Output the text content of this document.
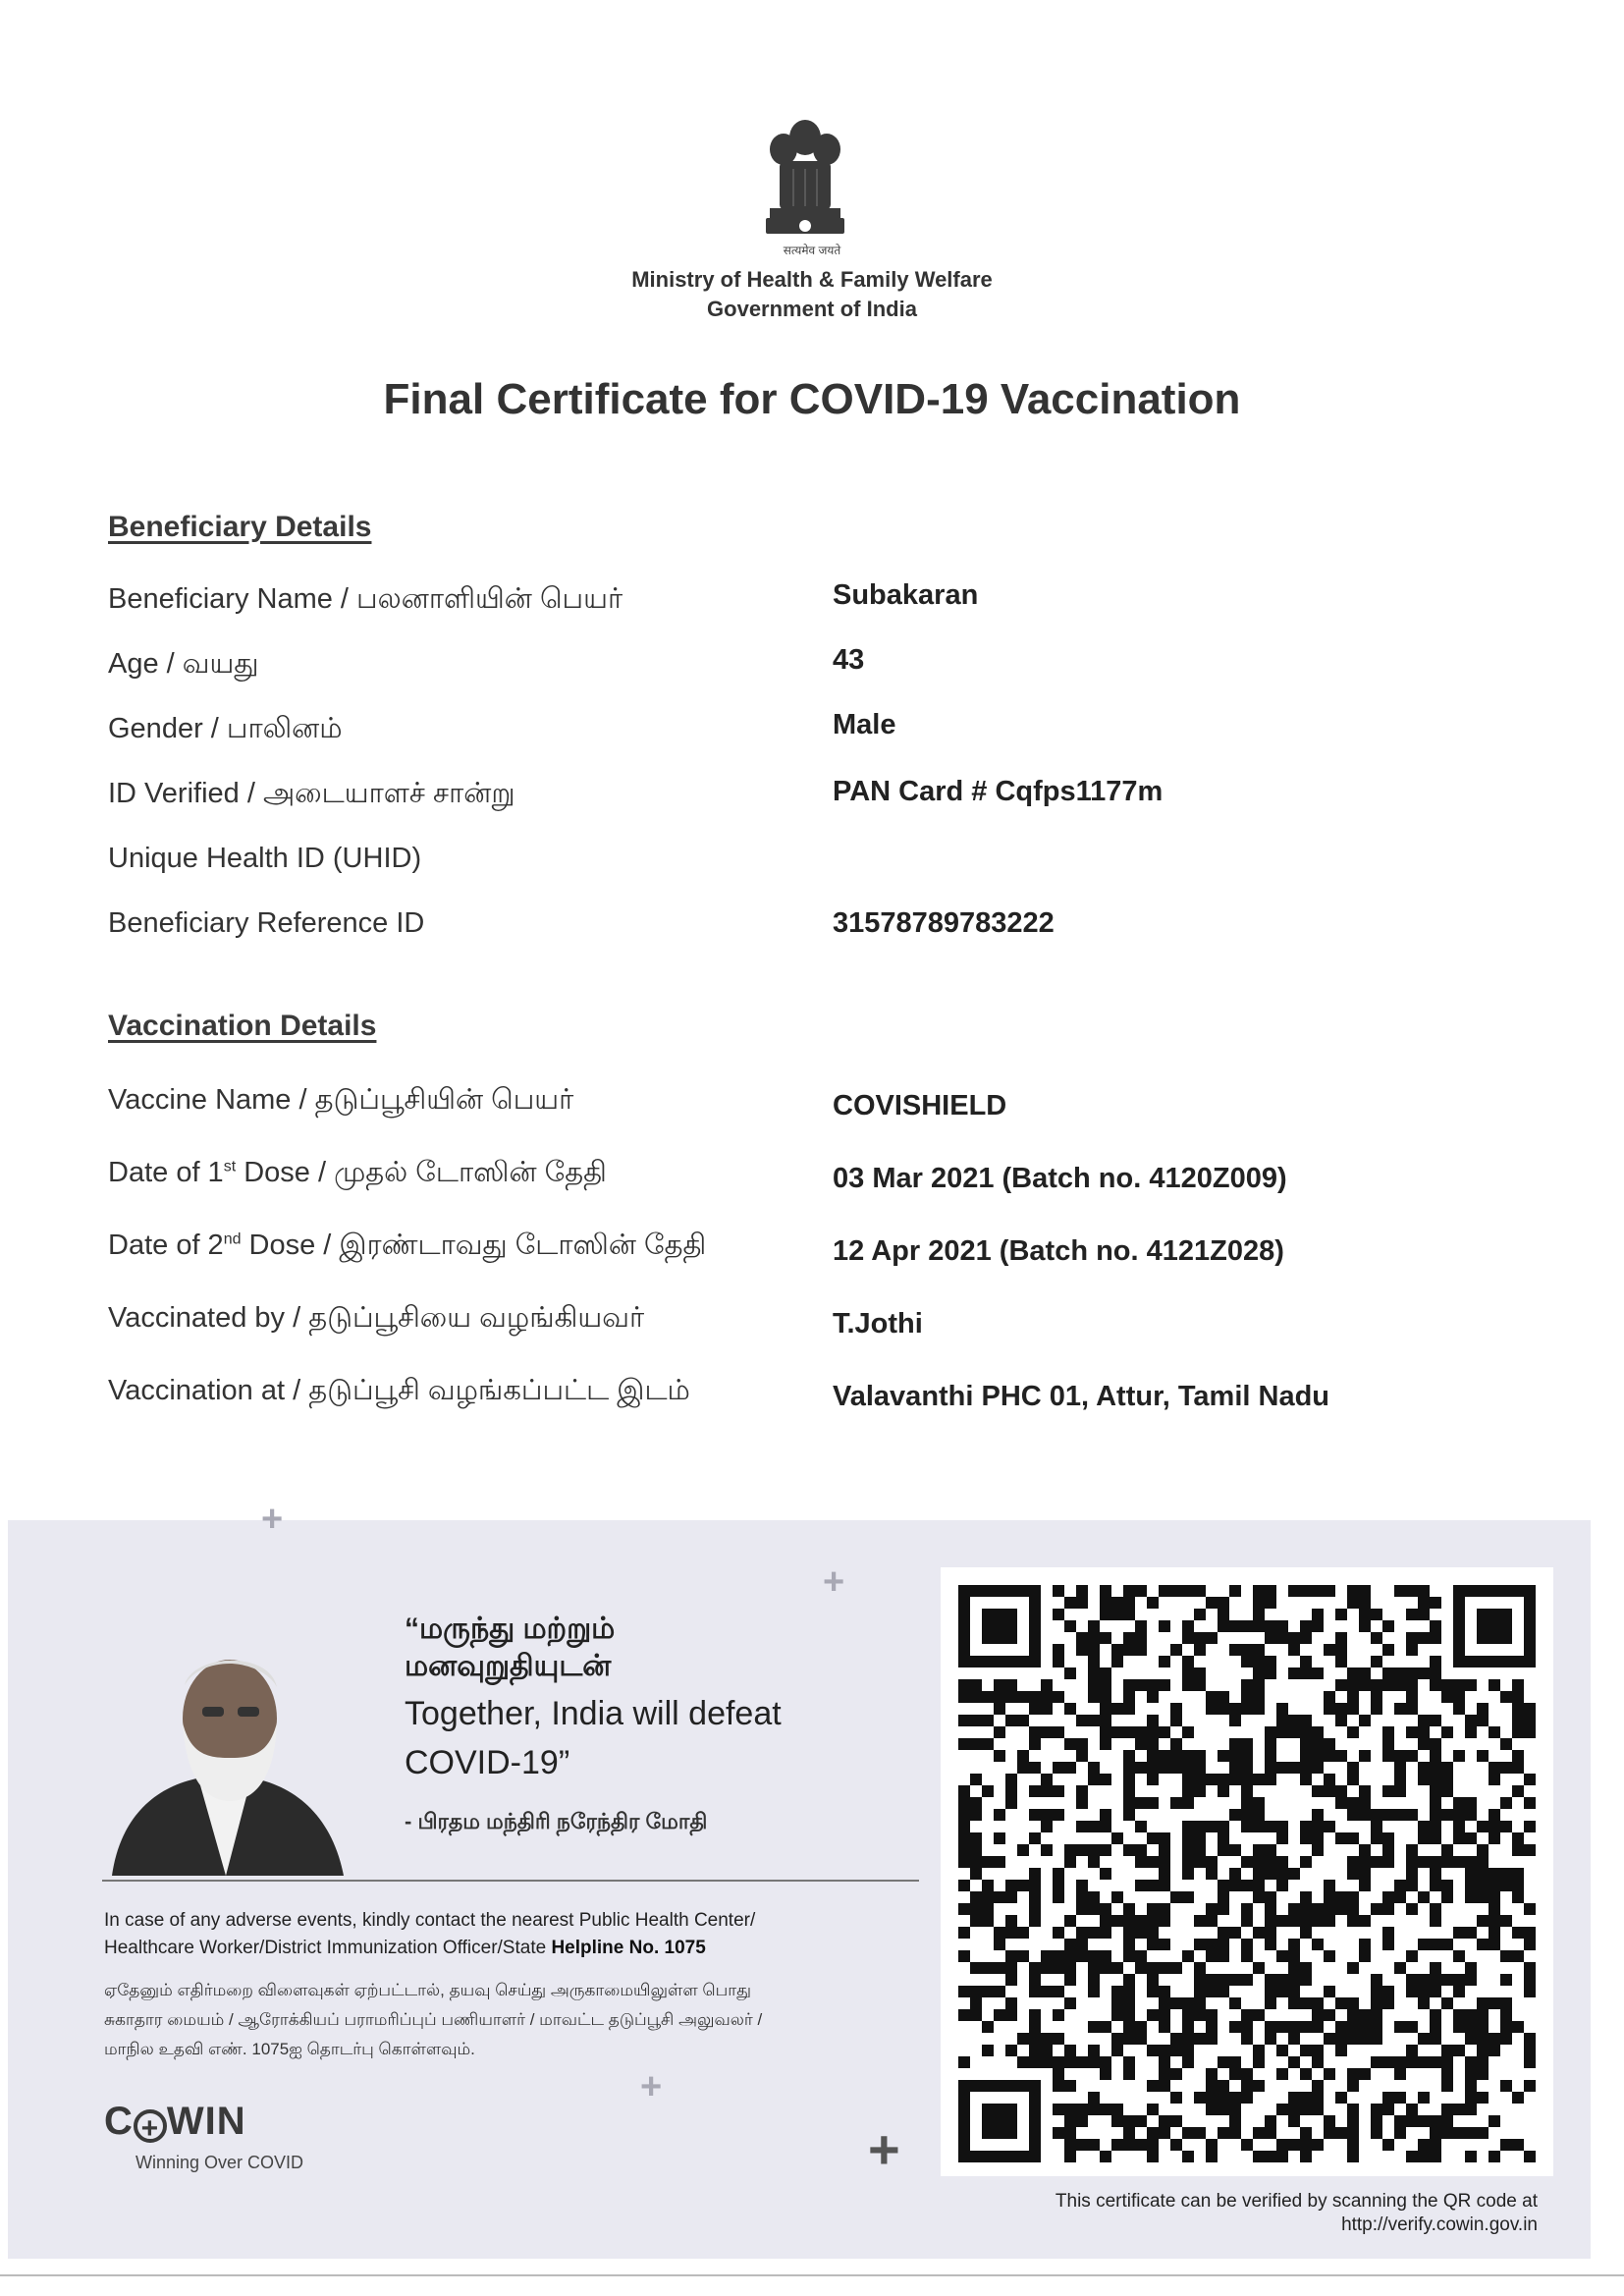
सत्यमेव जयते
Ministry of Health & Family Welfare
Government of India
Final Certificate for COVID-19 Vaccination
Beneficiary Details
Beneficiary Name / பலனாளியின் பெயர்	Subakaran
Age / வயது	43
Gender / பாலினம்	Male
ID Verified / அடையாளச் சான்று	PAN Card # Cqfps1177m
Unique Health ID (UHID)
Beneficiary Reference ID	31578789783222
Vaccination Details
Vaccine Name / தடுப்பூசியின் பெயர்	COVISHIELD
Date of 1st Dose / முதல் டோஸின் தேதி	03 Mar 2021 (Batch no. 4120Z009)
Date of 2nd Dose / இரண்டாவது டோஸின் தேதி	12 Apr 2021 (Batch no. 4121Z028)
Vaccinated by / தடுப்பூசியை வழங்கியவர்	T.Jothi
Vaccination at / தடுப்பூசி வழங்கப்பட்ட இடம்	Valavanthi PHC 01, Attur, Tamil Nadu
+
+
+
+
“மருந்து மற்றும்
மனவுறுதியுடன்
Together, India will defeat
COVID-19”
- பிரதம மந்திரி நரேந்திர மோதி
In case of any adverse events, kindly contact the nearest Public Health Center/
Healthcare Worker/District Immunization Officer/State Helpline No. 1075
ஏதேனும் எதிர்மறை விளைவுகள் ஏற்பட்டால், தயவு செய்து அருகாமையிலுள்ள பொது
சுகாதார மையம் / ஆரோக்கியப் பராமரிப்புப் பணியாளர் / மாவட்ட தடுப்பூசி அலுவலர் /
மாநில உதவி எண். 1075ஐ தொடர்பு கொள்ளவும்.
C + WIN
Winning Over COVID
This certificate can be verified by scanning the QR code at
http://verify.cowin.gov.in
